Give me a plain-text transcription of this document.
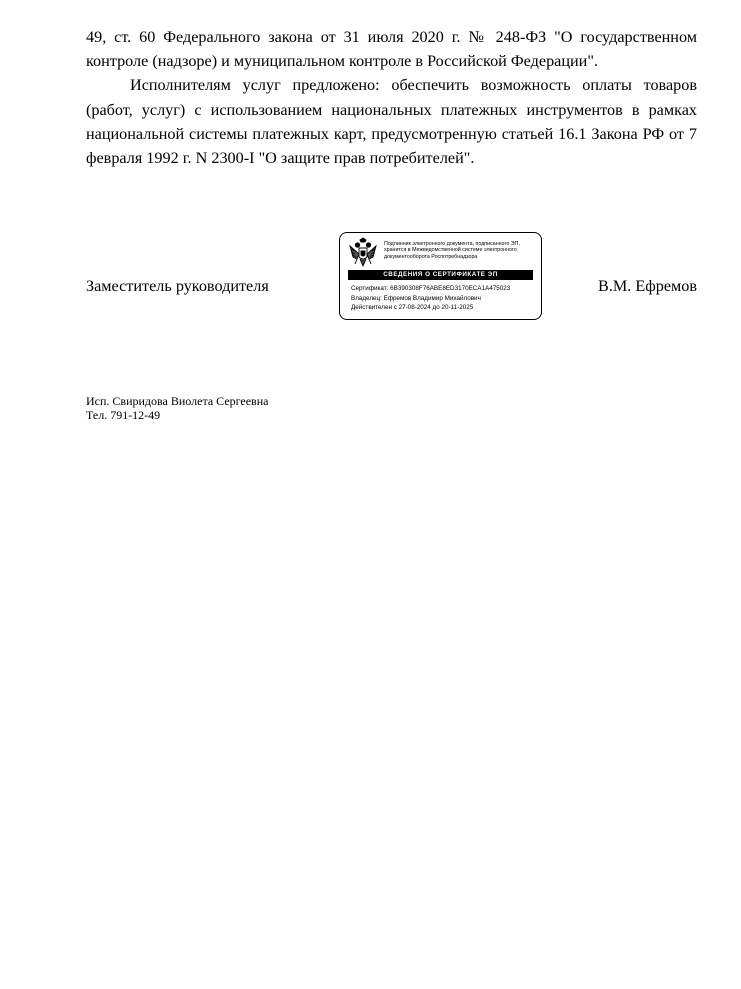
49, ст. 60 Федерального закона от 31 июля 2020 г. № 248-ФЗ "О государственном контроле (надзоре) и муниципальном контроле в Российской Федерации".

Исполнителям услуг предложено: обеспечить возможность оплаты товаров (работ, услуг) с использованием национальных платежных инструментов в рамках национальной системы платежных карт, предусмотренную статьей 16.1 Закона РФ от 7 февраля 1992 г. N 2300-I "О защите прав потребителей".

Заместитель руководителя
Подлинник электронного документа, подписанного ЭП,
хранится в Межведомственной системе электронного
документооборота Роспотребнадзора
СВЕДЕНИЯ О СЕРТИФИКАТЕ ЭП
Сертификат: 6B390308F76ABE8ED3170ECA1A475023
Владелец: Ефремов Владимир Михайлович
Действителен с 27-08-2024 до 20-11-2025
В.М. Ефремов
Исп. Свиридова Виолета Сергеевна
Тел. 791-12-49
